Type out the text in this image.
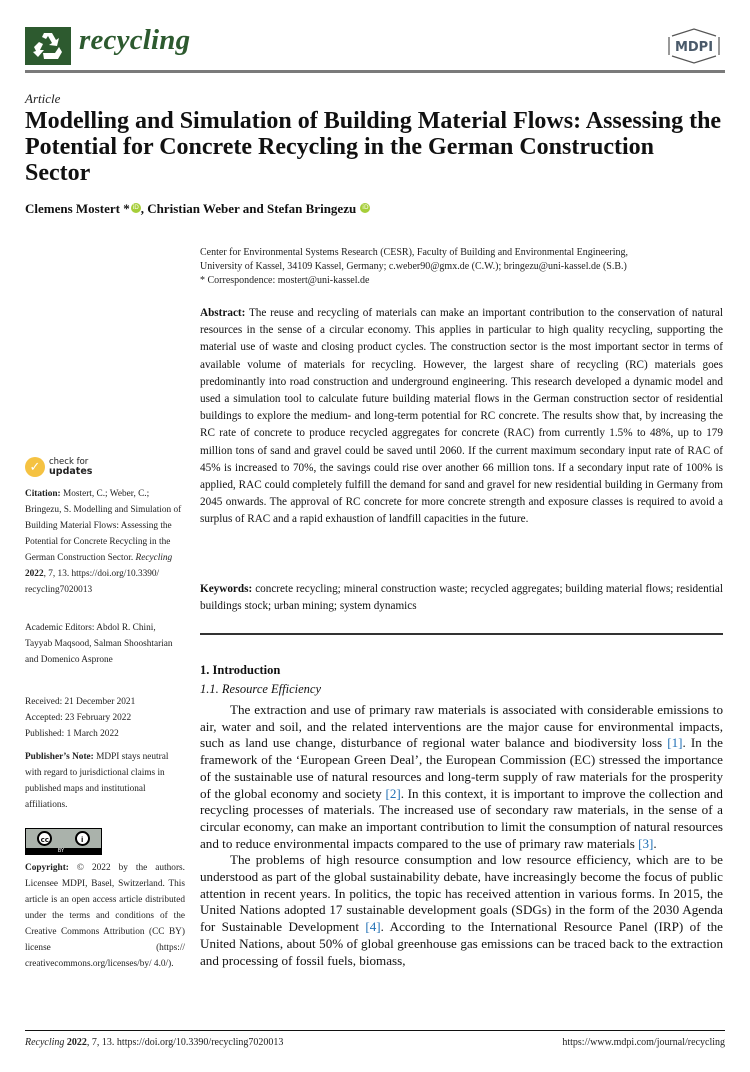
recycling	MDPI
Article
Modelling and Simulation of Building Material Flows: Assessing the Potential for Concrete Recycling in the German Construction Sector
Clemens Mostert * iD , Christian Weber and Stefan Bringezu iD
Center for Environmental Systems Research (CESR), Faculty of Building and Environmental Engineering,
University of Kassel, 34109 Kassel, Germany; c.weber90@gmx.de (C.W.); bringezu@uni-kassel.de (S.B.)
* Correspondence: mostert@uni-kassel.de
Abstract: The reuse and recycling of materials can make an important contribution to the conservation of natural resources in the sense of a circular economy. This applies in particular to high quality recycling, supporting the material use of waste and closing product cycles. The construction sector is the most important sector in terms of available volume of materials for recycling. However, the largest share of recycling (RC) materials goes predominantly into road construction and underground engineering. This research developed a dynamic model and used a simulation tool to calculate future building material flows in the German construction sector of residential buildings to explore the medium- and long-term potential for RC concrete. The results show that, by increasing the RC rate of concrete to produce recycled aggregates for concrete (RAC) from currently 1.5% to 48%, up to 179 million tons of sand and gravel could be saved until 2060. If the current maximum secondary input rate of RAC of 45% is increased to 70%, the savings could rise over another 66 million tons. If a secondary input rate of 100% is applied, RAC could completely fulfill the demand for sand and gravel for new residential building in Germany from 2045 onwards. The approval of RC concrete for more concrete strength and exposure classes is required to avoid a surplus of RAC and a rapid exhaustion of landfill capacities in the future.
Keywords: concrete recycling; mineral construction waste; recycled aggregates; building material flows; residential buildings stock; urban mining; system dynamics
1. Introduction
1.1. Resource Efficiency

The extraction and use of primary raw materials is associated with considerable emissions to air, water and soil, and the related interventions are the major cause for environmental impacts, such as land use change, disturbance of regional water balance and biodiversity loss [1]. In the framework of the ‘European Green Deal’, the European Commission (EC) stressed the importance of the sustainable use of natural resources and long-term supply of raw materials for the prosperity of the global economy and society [2]. In this context, it is important to improve the collection and recycling processes of materials. The increased use of secondary raw materials, in the sense of a circular economy, can make an important contribution to limit the consumption of natural resources and to reduce environmental impacts compared to the use of primary raw materials [3].

The problems of high resource consumption and low resource efficiency, which are to be understood as part of the global sustainability debate, have increasingly become the focus of public attention in recent years. In politics, the topic has received attention in various forms. In 2015, the United Nations adopted 17 sustainable development goals (SDGs) in the form of the 2030 Agenda for Sustainable Development [4]. According to the International Resource Panel (IRP) of the United Nations, about 50% of global greenhouse gas emissions can be traced back to the extraction and processing of fossil fuels, biomass,

✓	check for
updates
Citation: Mostert, C.; Weber, C.; Bringezu, S. Modelling and Simulation of Building Material Flows: Assessing the Potential for Concrete Recycling in the German Construction Sector. Recycling 2022, 7, 13. https://doi.org/10.3390/ recycling7020013
Academic Editors: Abdol R. Chini, Tayyab Maqsood, Salman Shooshtarian and Domenico Asprone
Received: 21 December 2021
Accepted: 23 February 2022
Published: 1 March 2022
Publisher’s Note: MDPI stays neutral with regard to jurisdictional claims in published maps and institutional affiliations.
cc	i
BY
Copyright: © 2022 by the authors. Licensee MDPI, Basel, Switzerland. This article is an open access article distributed under the terms and conditions of the Creative Commons Attribution (CC BY) license (https:// creativecommons.org/licenses/by/ 4.0/).
Recycling 2022, 7, 13. https://doi.org/10.3390/recycling7020013	https://www.mdpi.com/journal/recycling
